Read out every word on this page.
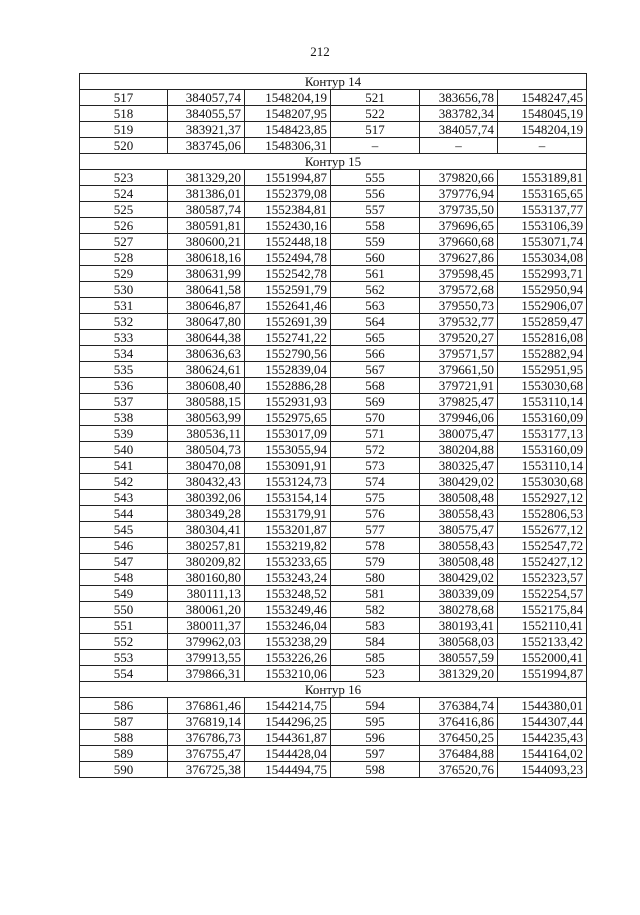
212
Контур 14					
517	384057,74	1548204,19	521	383656,78	1548247,45
518	384055,57	1548207,95	522	383782,34	1548045,19
519	383921,37	1548423,85	517	384057,74	1548204,19
520	383745,06	1548306,31	–	–	–
Контур 15					
523	381329,20	1551994,87	555	379820,66	1553189,81
524	381386,01	1552379,08	556	379776,94	1553165,65
525	380587,74	1552384,81	557	379735,50	1553137,77
526	380591,81	1552430,16	558	379696,65	1553106,39
527	380600,21	1552448,18	559	379660,68	1553071,74
528	380618,16	1552494,78	560	379627,86	1553034,08
529	380631,99	1552542,78	561	379598,45	1552993,71
530	380641,58	1552591,79	562	379572,68	1552950,94
531	380646,87	1552641,46	563	379550,73	1552906,07
532	380647,80	1552691,39	564	379532,77	1552859,47
533	380644,38	1552741,22	565	379520,27	1552816,08
534	380636,63	1552790,56	566	379571,57	1552882,94
535	380624,61	1552839,04	567	379661,50	1552951,95
536	380608,40	1552886,28	568	379721,91	1553030,68
537	380588,15	1552931,93	569	379825,47	1553110,14
538	380563,99	1552975,65	570	379946,06	1553160,09
539	380536,11	1553017,09	571	380075,47	1553177,13
540	380504,73	1553055,94	572	380204,88	1553160,09
541	380470,08	1553091,91	573	380325,47	1553110,14
542	380432,43	1553124,73	574	380429,02	1553030,68
543	380392,06	1553154,14	575	380508,48	1552927,12
544	380349,28	1553179,91	576	380558,43	1552806,53
545	380304,41	1553201,87	577	380575,47	1552677,12
546	380257,81	1553219,82	578	380558,43	1552547,72
547	380209,82	1553233,65	579	380508,48	1552427,12
548	380160,80	1553243,24	580	380429,02	1552323,57
549	380111,13	1553248,52	581	380339,09	1552254,57
550	380061,20	1553249,46	582	380278,68	1552175,84
551	380011,37	1553246,04	583	380193,41	1552110,41
552	379962,03	1553238,29	584	380568,03	1552133,42
553	379913,55	1553226,26	585	380557,59	1552000,41
554	379866,31	1553210,06	523	381329,20	1551994,87
Контур 16					
586	376861,46	1544214,75	594	376384,74	1544380,01
587	376819,14	1544296,25	595	376416,86	1544307,44
588	376786,73	1544361,87	596	376450,25	1544235,43
589	376755,47	1544428,04	597	376484,88	1544164,02
590	376725,38	1544494,75	598	376520,76	1544093,23
